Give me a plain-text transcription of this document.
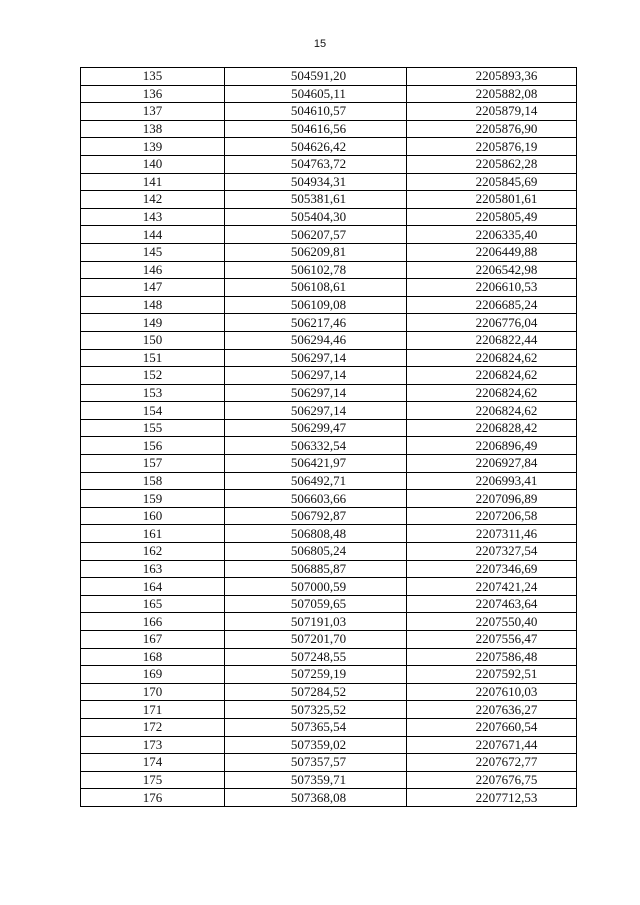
15
135	504591,20	2205893,36
136	504605,11	2205882,08
137	504610,57	2205879,14
138	504616,56	2205876,90
139	504626,42	2205876,19
140	504763,72	2205862,28
141	504934,31	2205845,69
142	505381,61	2205801,61
143	505404,30	2205805,49
144	506207,57	2206335,40
145	506209,81	2206449,88
146	506102,78	2206542,98
147	506108,61	2206610,53
148	506109,08	2206685,24
149	506217,46	2206776,04
150	506294,46	2206822,44
151	506297,14	2206824,62
152	506297,14	2206824,62
153	506297,14	2206824,62
154	506297,14	2206824,62
155	506299,47	2206828,42
156	506332,54	2206896,49
157	506421,97	2206927,84
158	506492,71	2206993,41
159	506603,66	2207096,89
160	506792,87	2207206,58
161	506808,48	2207311,46
162	506805,24	2207327,54
163	506885,87	2207346,69
164	507000,59	2207421,24
165	507059,65	2207463,64
166	507191,03	2207550,40
167	507201,70	2207556,47
168	507248,55	2207586,48
169	507259,19	2207592,51
170	507284,52	2207610,03
171	507325,52	2207636,27
172	507365,54	2207660,54
173	507359,02	2207671,44
174	507357,57	2207672,77
175	507359,71	2207676,75
176	507368,08	2207712,53
